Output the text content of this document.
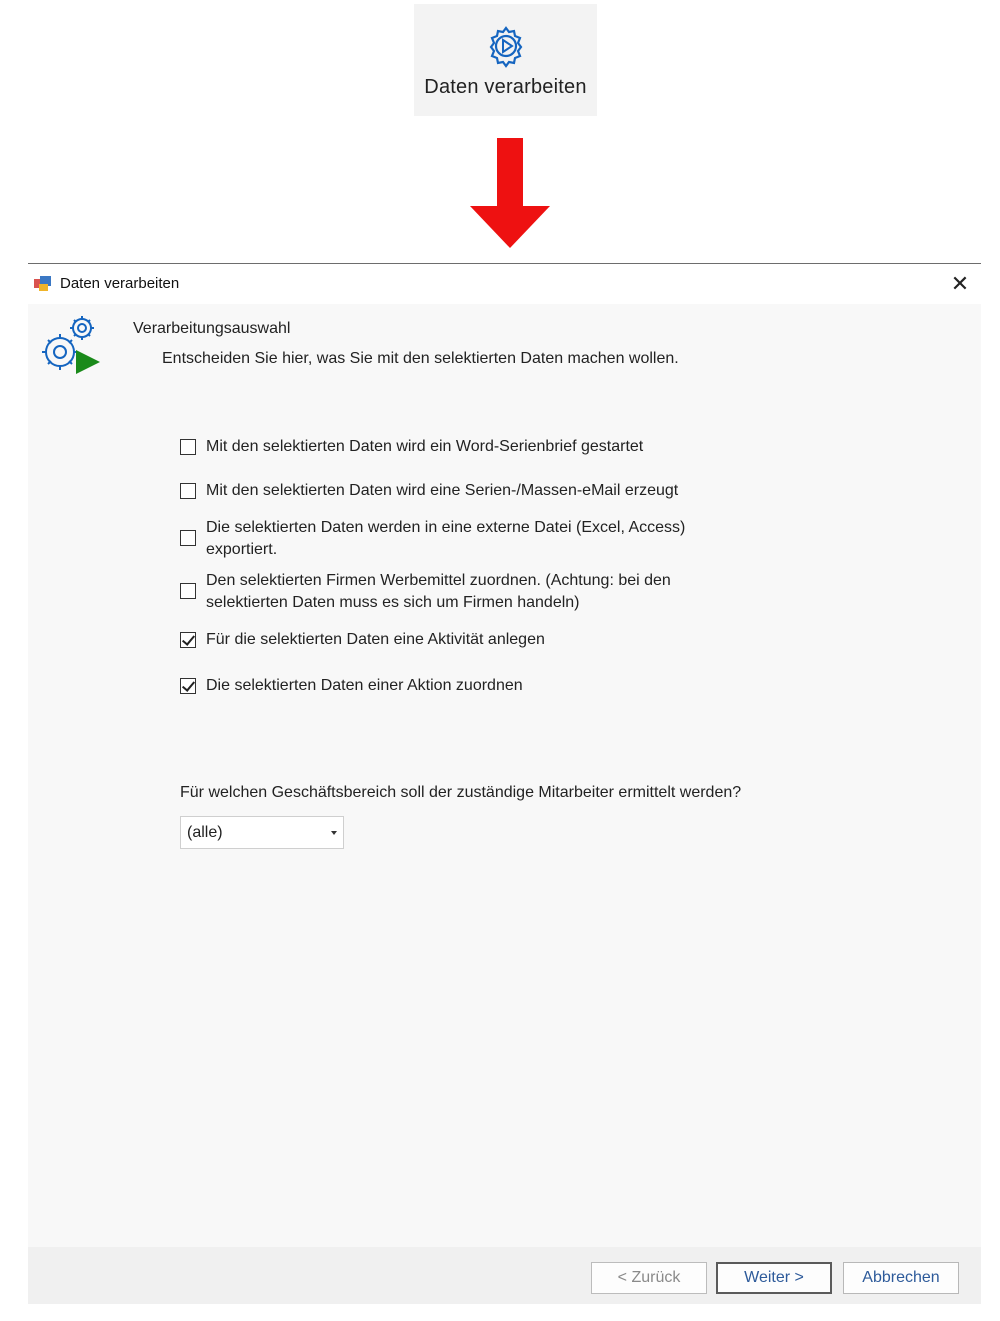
Daten verarbeiten
Daten verarbeiten	✕
Verarbeitungsauswahl
Entscheiden Sie hier, was Sie mit den selektierten Daten machen wollen.
Mit den selektierten Daten wird ein Word-Serienbrief gestartet
Mit den selektierten Daten wird eine Serien-/Massen-eMail erzeugt
Die selektierten Daten werden in eine externe Datei (Excel, Access) exportiert.
Den selektierten Firmen Werbemittel zuordnen. (Achtung: bei den selektierten Daten muss es sich um Firmen handeln)
Für die selektierten Daten eine Aktivität anlegen
Die selektierten Daten einer Aktion zuordnen
Für welchen Geschäftsbereich soll der zuständige Mitarbeiter ermittelt werden?
(alle)
< Zurück	Weiter >	Abbrechen
